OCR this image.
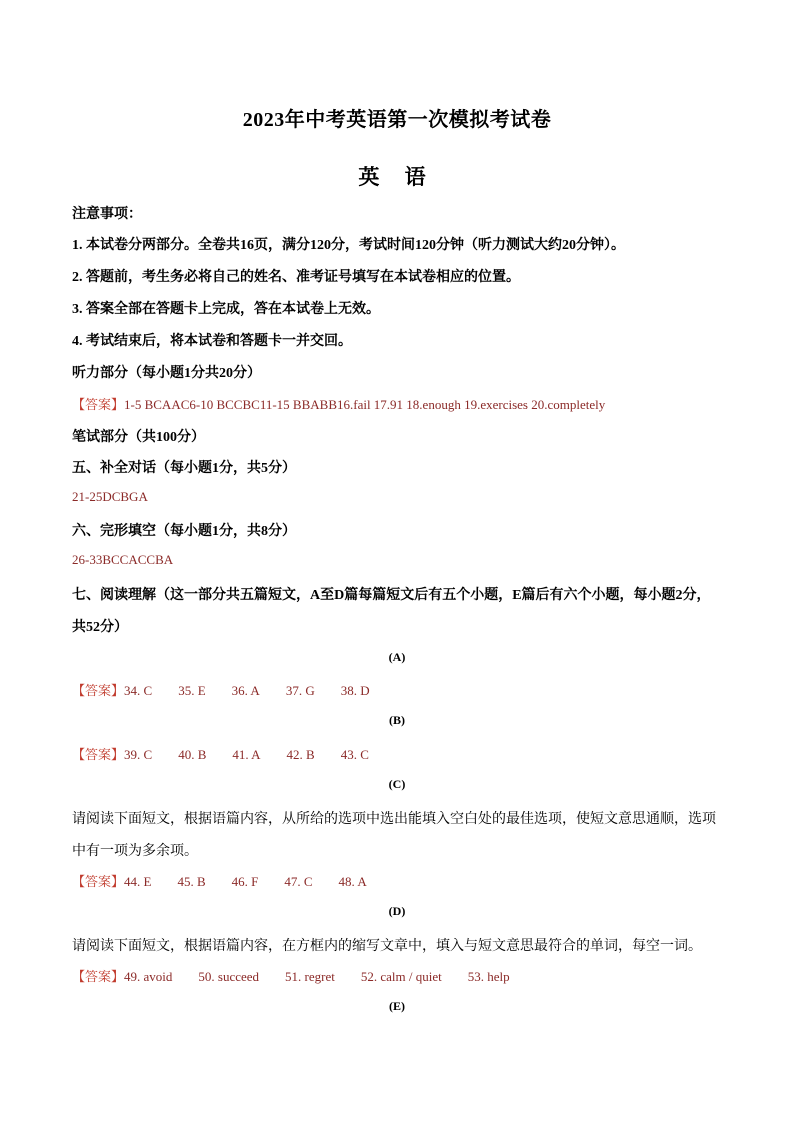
2023年中考英语第一次模拟考试卷
英 语
注意事项：
1. 本试卷分两部分。全卷共16页，满分120分，考试时间120分钟（听力测试大约20分钟）。
2. 答题前，考生务必将自己的姓名、准考证号填写在本试卷相应的位置。
3. 答案全部在答题卡上完成，答在本试卷上无效。
4. 考试结束后，将本试卷和答题卡一并交回。
听力部分（每小题1分共20分）
【答案】1-5 BCAAC6-10 BCCBC11-15 BBABB16.fail 17.91 18.enough 19.exercises 20.completely
笔试部分（共100分）
五、补全对话（每小题1分，共5分）
21-25DCBGA
六、完形填空（每小题1分，共8分）
26-33BCCACCBA
七、阅读理解（这一部分共五篇短文，A至D篇每篇短文后有五个小题，E篇后有六个小题，每小题2分，
共52分）
(A)
【答案】34. C 35. E 36. A 37. G 38. D
(B)
【答案】39. C 40. B 41. A 42. B 43. C
(C)
请阅读下面短文，根据语篇内容，从所给的选项中选出能填入空白处的最佳选项，使短文意思通顺，选项
中有一项为多余项。
【答案】44. E 45. B 46. F 47. C 48. A
(D)
请阅读下面短文，根据语篇内容，在方框内的缩写文章中，填入与短文意思最符合的单词，每空一词。
【答案】49. avoid 50. succeed 51. regret 52. calm / quiet 53. help
(E)
